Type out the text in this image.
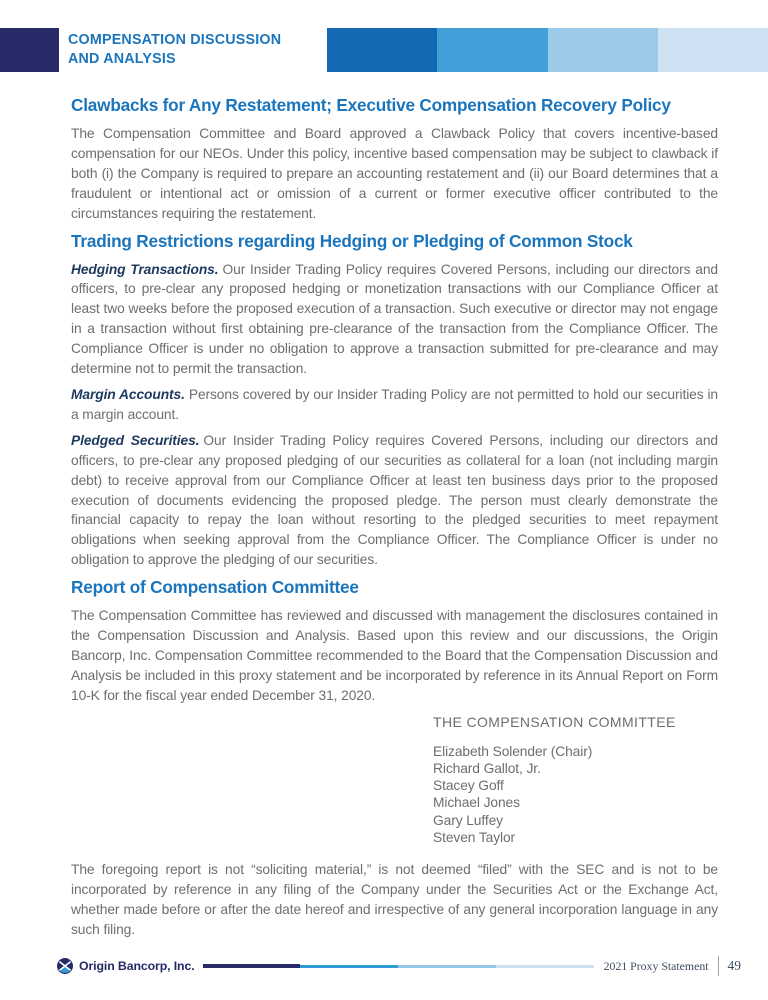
COMPENSATION DISCUSSION
AND ANALYSIS
Clawbacks for Any Restatement; Executive Compensation Recovery Policy

The Compensation Committee and Board approved a Clawback Policy that covers incentive-based compensation for our NEOs. Under this policy, incentive based compensation may be subject to clawback if both (i) the Company is required to prepare an accounting restatement and (ii) our Board determines that a fraudulent or intentional act or omission of a current or former executive officer contributed to the circumstances requiring the restatement.

Trading Restrictions regarding Hedging or Pledging of Common Stock

Hedging Transactions. Our Insider Trading Policy requires Covered Persons, including our directors and officers, to pre-clear any proposed hedging or monetization transactions with our Compliance Officer at least two weeks before the proposed execution of a transaction. Such executive or director may not engage in a transaction without first obtaining pre-clearance of the transaction from the Compliance Officer. The Compliance Officer is under no obligation to approve a transaction submitted for pre-clearance and may determine not to permit the transaction.

Margin Accounts. Persons covered by our Insider Trading Policy are not permitted to hold our securities in a margin account.

Pledged Securities. Our Insider Trading Policy requires Covered Persons, including our directors and officers, to pre-clear any proposed pledging of our securities as collateral for a loan (not including margin debt) to receive approval from our Compliance Officer at least ten business days prior to the proposed execution of documents evidencing the proposed pledge. The person must clearly demonstrate the financial capacity to repay the loan without resorting to the pledged securities to meet repayment obligations when seeking approval from the Compliance Officer. The Compliance Officer is under no obligation to approve the pledging of our securities.

Report of Compensation Committee

The Compensation Committee has reviewed and discussed with management the disclosures contained in the Compensation Discussion and Analysis. Based upon this review and our discussions, the Origin Bancorp, Inc. Compensation Committee recommended to the Board that the Compensation Discussion and Analysis be included in this proxy statement and be incorporated by reference in its Annual Report on Form 10-K for the fiscal year ended December 31, 2020.

THE COMPENSATION COMMITTEE
Elizabeth Solender (Chair)
Richard Gallot, Jr.
Stacey Goff
Michael Jones
Gary Luffey
Steven Taylor

The foregoing report is not “soliciting material,” is not deemed “filed” with the SEC and is not to be incorporated by reference in any filing of the Company under the Securities Act or the Exchange Act, whether made before or after the date hereof and irrespective of any general incorporation language in any such filing.

Origin Bancorp, Inc.	2021 Proxy Statement 49
